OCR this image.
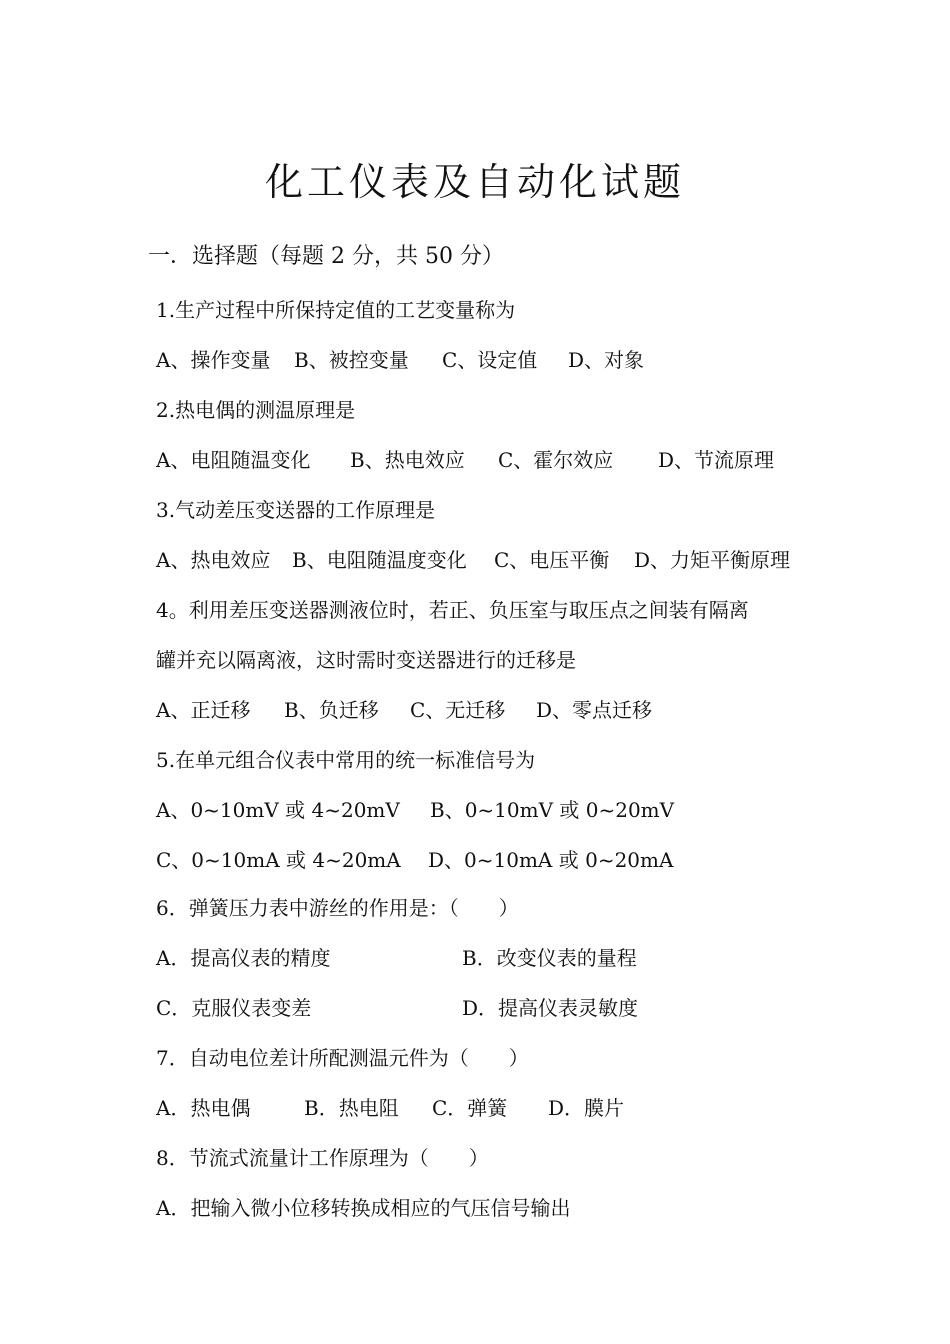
化工仪表及自动化试题
一．选择题（每题 2 分，共 50 分）

1.生产过程中所保持定值的工艺变量称为

A、操作变量 B、被控变量 C、设定值 D、对象

2.热电偶的测温原理是

A、电阻随温变化 B、热电效应 C、霍尔效应 D、节流原理

3.气动差压变送器的工作原理是

A、热电效应 B、电阻随温度变化 C、电压平衡 D、力矩平衡原理

4。利用差压变送器测液位时，若正、负压室与取压点之间装有隔离

罐并充以隔离液，这时需时变送器进行的迁移是

A、正迁移 B、负迁移 C、无迁移 D、零点迁移

5.在单元组合仪表中常用的统一标准信号为

A、0~10mV 或 4~20mV B、0~10mV 或 0~20mV

C、0~10mA 或 4~20mA D、0~10mA 或 0~20mA

6．弹簧压力表中游丝的作用是：（　　）

A．提高仪表的精度	B．改变仪表的量程

C．克服仪表变差	D．提高仪表灵敏度

7．自动电位差计所配测温元件为（　　）

A．热电偶	B．热电阻 C．弹簧 D．膜片

8．节流式流量计工作原理为（　　）

A．把输入微小位移转换成相应的气压信号输出
